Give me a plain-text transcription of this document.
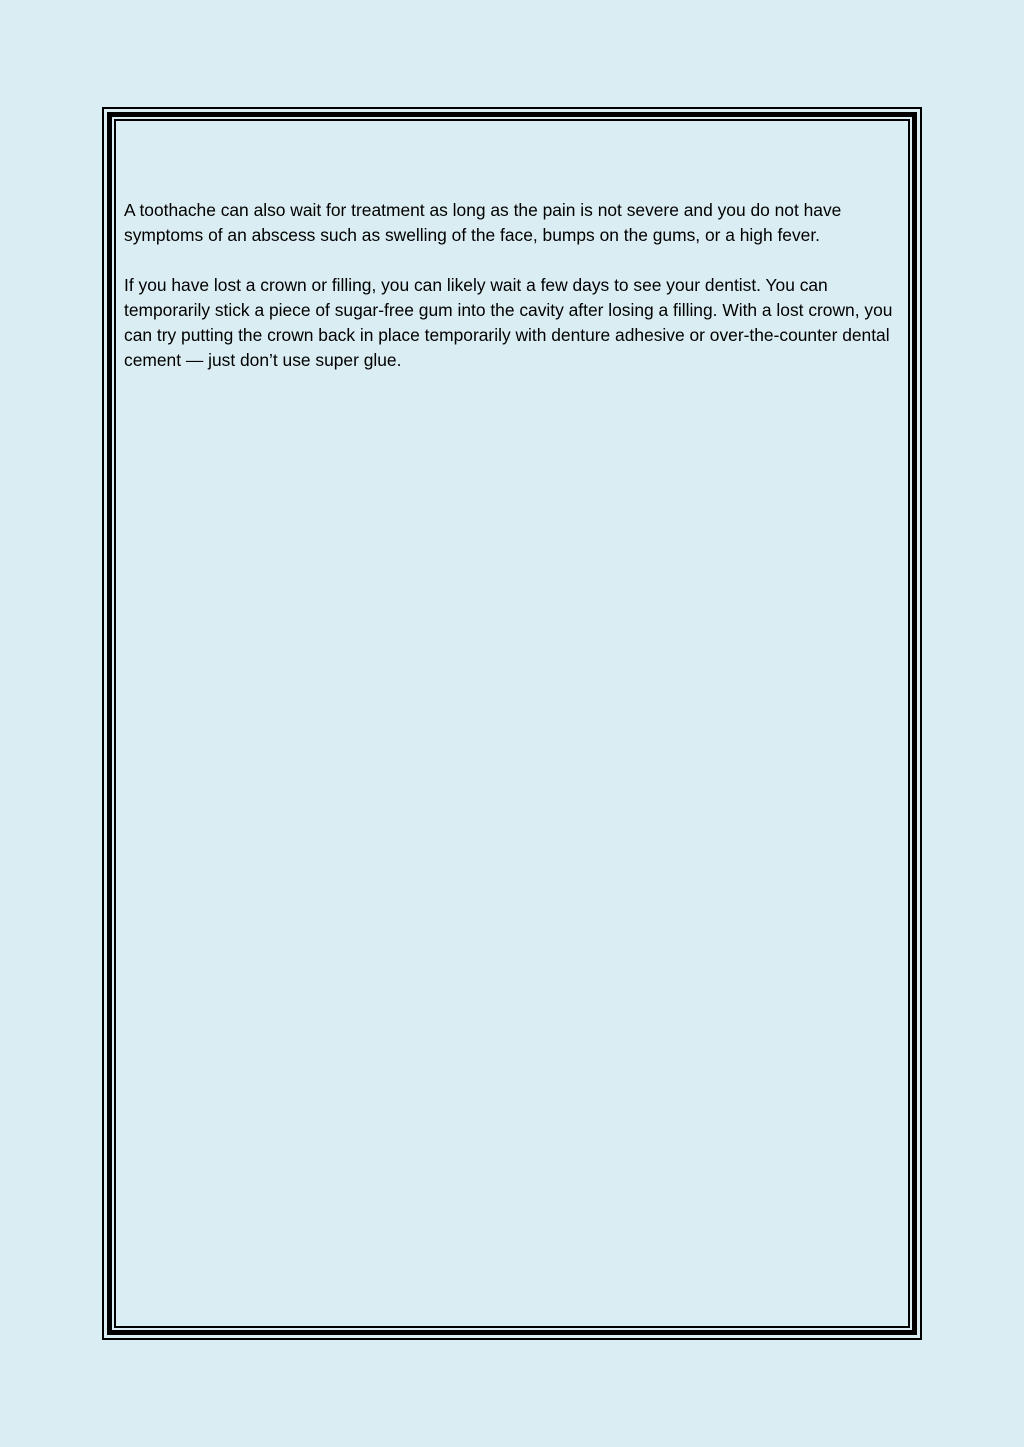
A toothache can also wait for treatment as long as the pain is not severe and you do not have symptoms of an abscess such as swelling of the face, bumps on the gums, or a high fever.

If you have lost a crown or filling, you can likely wait a few days to see your dentist. You can temporarily stick a piece of sugar-free gum into the cavity after losing a filling. With a lost crown, you can try putting the crown back in place temporarily with denture adhesive or over-the-counter dental cement — just don’t use super glue.
